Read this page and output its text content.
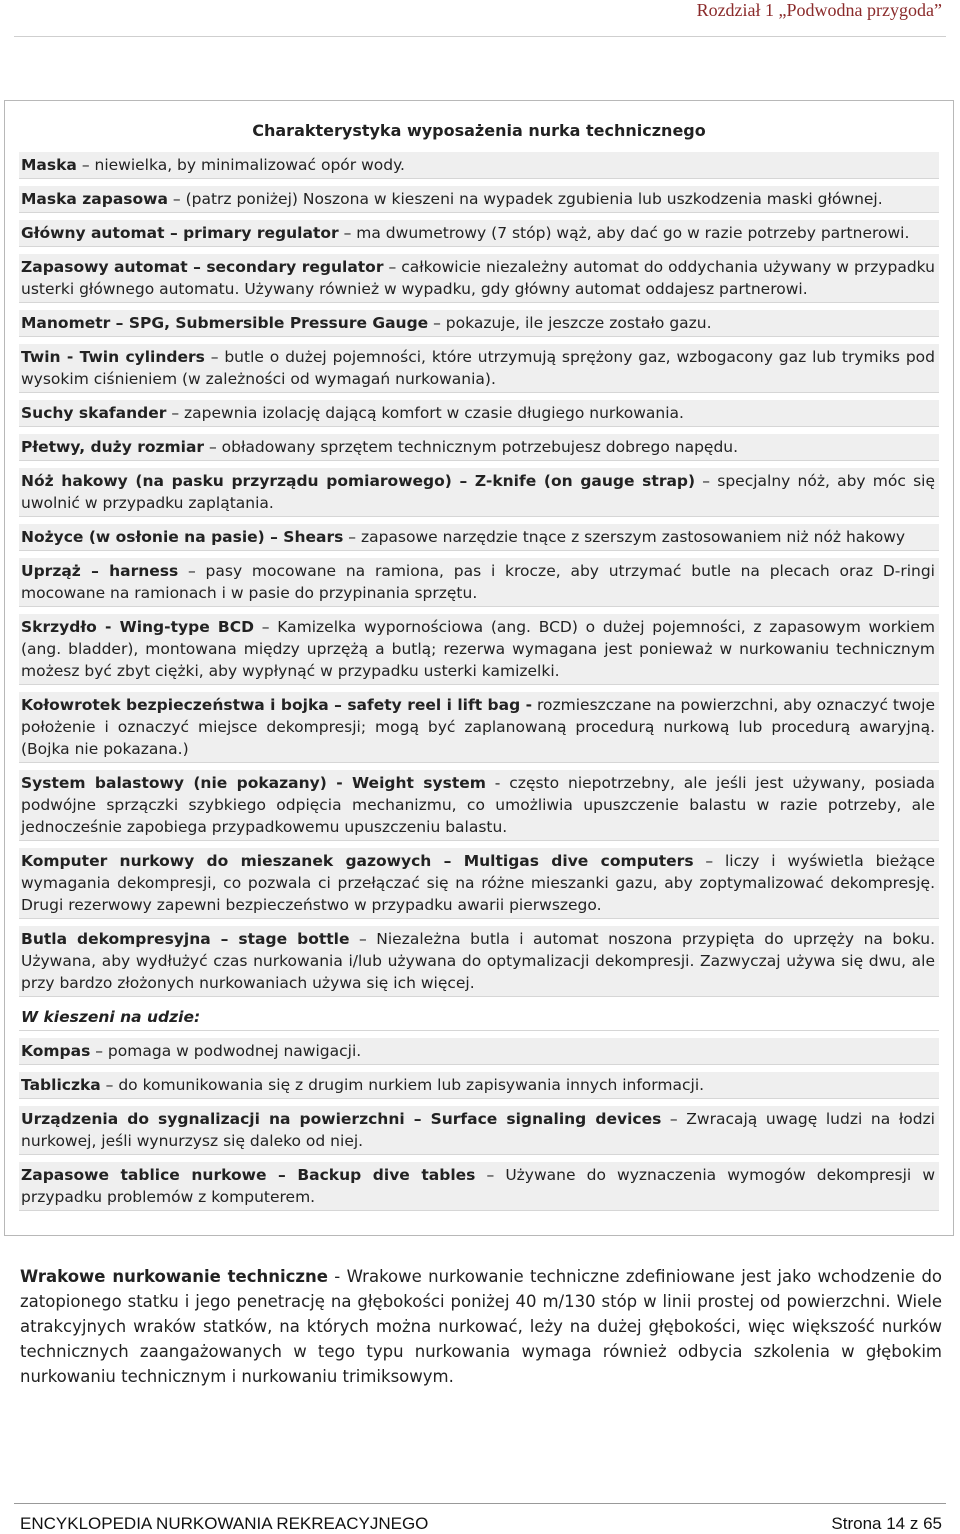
Rozdział 1 „Podwodna przygoda”
Charakterystyka wyposażenia nurka technicznego
Maska – niewielka, by minimalizować opór wody.
Maska zapasowa – (patrz poniżej) Noszona w kieszeni na wypadek zgubienia lub uszkodzenia maski głównej.
Główny automat – primary regulator – ma dwumetrowy (7 stóp) wąż, aby dać go w razie potrzeby partnerowi.
Zapasowy automat – secondary regulator – całkowicie niezależny automat do oddychania używany w przypadku usterki głównego automatu. Używany również w wypadku, gdy główny automat oddajesz partnerowi.
Manometr – SPG, Submersible Pressure Gauge – pokazuje, ile jeszcze zostało gazu.
Twin - Twin cylinders – butle o dużej pojemności, które utrzymują sprężony gaz, wzbogacony gaz lub trymiks pod wysokim ciśnieniem (w zależności od wymagań nurkowania).
Suchy skafander – zapewnia izolację dającą komfort w czasie długiego nurkowania.
Płetwy, duży rozmiar – obładowany sprzętem technicznym potrzebujesz dobrego napędu.
Nóż hakowy (na pasku przyrządu pomiarowego) – Z-knife (on gauge strap) – specjalny nóż, aby móc się uwolnić w przypadku zaplątania.
Nożyce (w osłonie na pasie) – Shears – zapasowe narzędzie tnące z szerszym zastosowaniem niż nóż hakowy
Uprząż – harness – pasy mocowane na ramiona, pas i krocze, aby utrzymać butle na plecach oraz D-ringi mocowane na ramionach i w pasie do przypinania sprzętu.
Skrzydło - Wing-type BCD – Kamizelka wypornościowa (ang. BCD) o dużej pojemności, z zapasowym workiem (ang. bladder), montowana między uprzężą a butlą; rezerwa wymagana jest ponieważ w nurkowaniu technicznym możesz być zbyt ciężki, aby wypłynąć w przypadku usterki kamizelki.
Kołowrotek bezpieczeństwa i bojka – safety reel i lift bag - rozmieszczane na powierzchni, aby oznaczyć twoje położenie i oznaczyć miejsce dekompresji; mogą być zaplanowaną procedurą nurkową lub procedurą awaryjną. (Bojka nie pokazana.)
System balastowy (nie pokazany) - Weight system - często niepotrzebny, ale jeśli jest używany, posiada podwójne sprzączki szybkiego odpięcia mechanizmu, co umożliwia upuszczenie balastu w razie potrzeby, ale jednocześnie zapobiega przypadkowemu upuszczeniu balastu.
Komputer nurkowy do mieszanek gazowych – Multigas dive computers – liczy i wyświetla bieżące wymagania dekompresji, co pozwala ci przełączać się na różne mieszanki gazu, aby zoptymalizować dekompresję. Drugi rezerwowy zapewni bezpieczeństwo w przypadku awarii pierwszego.
Butla dekompresyjna – stage bottle – Niezależna butla i automat noszona przypięta do uprzęży na boku. Używana, aby wydłużyć czas nurkowania i/lub używana do optymalizacji dekompresji. Zazwyczaj używa się dwu, ale przy bardzo złożonych nurkowaniach używa się ich więcej.
W kieszeni na udzie:
Kompas – pomaga w podwodnej nawigacji.
Tabliczka – do komunikowania się z drugim nurkiem lub zapisywania innych informacji.
Urządzenia do sygnalizacji na powierzchni – Surface signaling devices – Zwracają uwagę ludzi na łodzi nurkowej, jeśli wynurzysz się daleko od niej.
Zapasowe tablice nurkowe – Backup dive tables – Używane do wyznaczenia wymogów dekompresji w przypadku problemów z komputerem.
Wrakowe nurkowanie techniczne - Wrakowe nurkowanie techniczne zdefiniowane jest jako wchodzenie do zatopionego statku i jego penetrację na głębokości poniżej 40 m/130 stóp w linii prostej od powierzchni. Wiele atrakcyjnych wraków statków, na których można nurkować, leży na dużej głębokości, więc większość nurków technicznych zaangażowanych w tego typu nurkowania wymaga również odbycia szkolenia w głębokim nurkowaniu technicznym i nurkowaniu trimiksowym.
ENCYKLOPEDIA NURKOWANIA REKREACYJNEGO	Strona 14 z 65
